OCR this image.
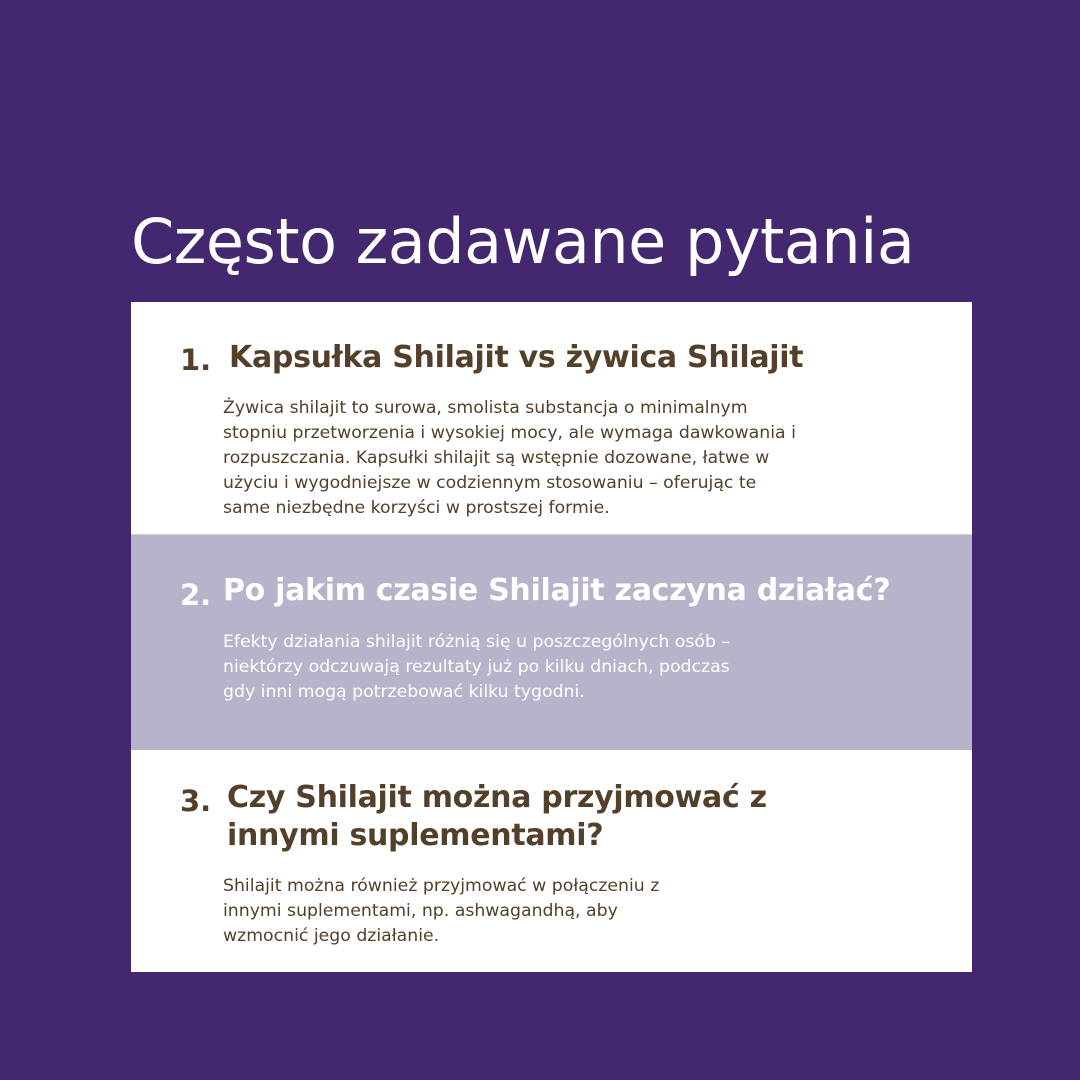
Często zadawane pytania
1. Kapsułka Shilajit vs żywica Shilajit
Żywica shilajit to surowa, smolista substancja o minimalnym
stopniu przetworzenia i wysokiej mocy, ale wymaga dawkowania i
rozpuszczania. Kapsułki shilajit są wstępnie dozowane, łatwe w
użyciu i wygodniejsze w codziennym stosowaniu – oferując te
same niezbędne korzyści w prostszej formie.
2. Po jakim czasie Shilajit zaczyna działać?
Efekty działania shilajit różnią się u poszczególnych osób –
niektórzy odczuwają rezultaty już po kilku dniach, podczas
gdy inni mogą potrzebować kilku tygodni.
3. Czy Shilajit można przyjmować z
innymi suplementami?
Shilajit można również przyjmować w połączeniu z
innymi suplementami, np. ashwagandhą, aby
wzmocnić jego działanie.
